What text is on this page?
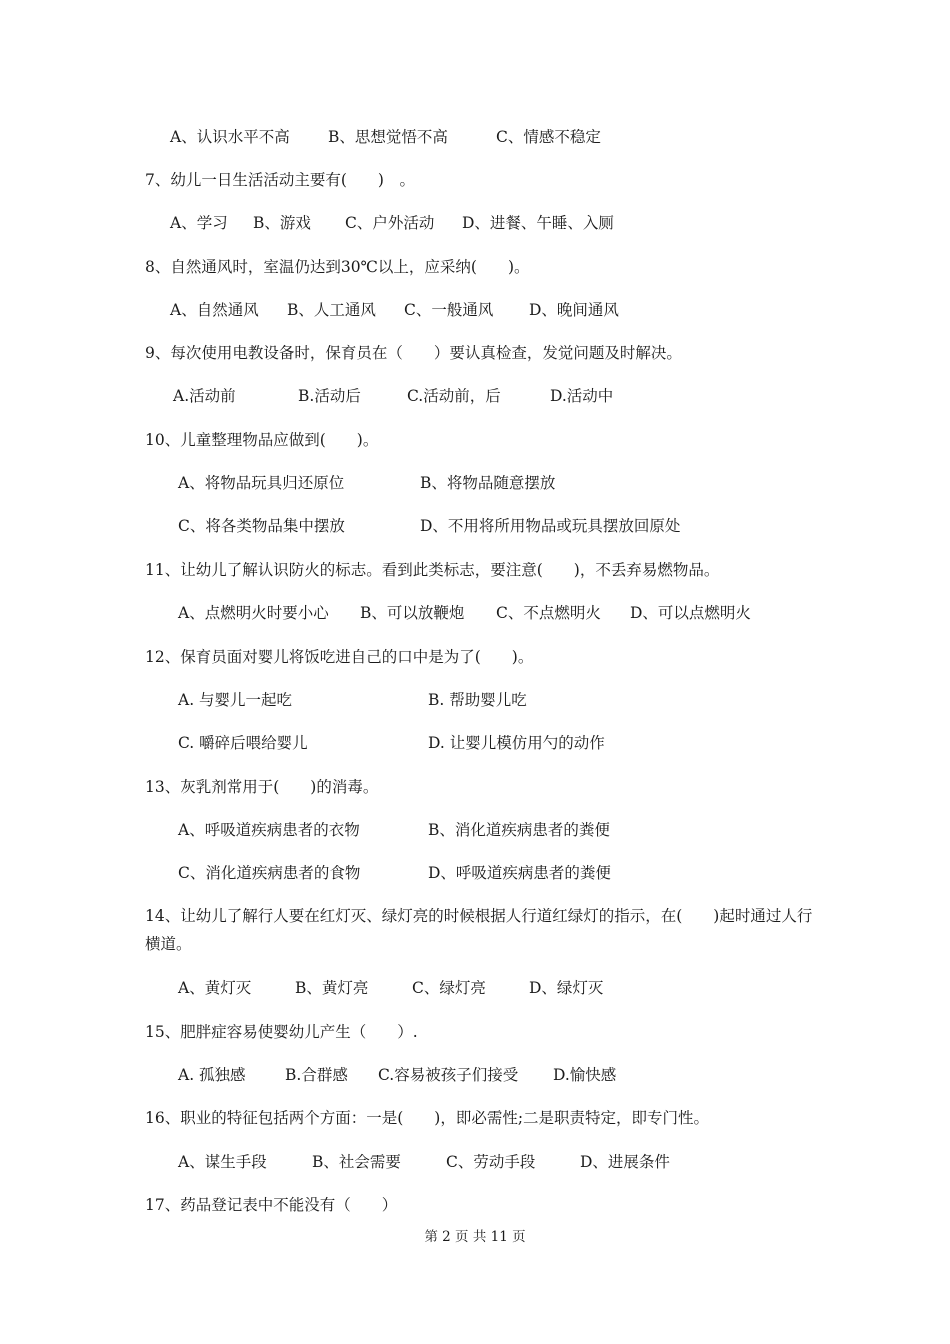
A、认识水平不高 B、思想觉悟不高	C、情感不稳定
7、幼儿一日生活活动主要有(　　)　。
A、学习 B、游戏 C、户外活动 D、进餐、午睡、入厕
8、自然通风时，室温仍达到30℃以上，应采纳(　　)。
A、自然通风 B、人工通风 C、一般通风 D、晚间通风
9、每次使用电教设备时，保育员在（　　）要认真检查，发觉问题及时解决。
A.活动前	B.活动后	C.活动前，后	D.活动中
10、儿童整理物品应做到(　　)。
A、将物品玩具归还原位	B、将物品随意摆放
C、将各类物品集中摆放	D、不用将所用物品或玩具摆放回原处
11、让幼儿了解认识防火的标志。看到此类标志，要注意(　　)，不丢弃易燃物品。
A、点燃明火时要小心 B、可以放鞭炮 C、不点燃明火 D、可以点燃明火
12、保育员面对婴儿将饭吃进自己的口中是为了(　　)。
A. 与婴儿一起吃	B. 帮助婴儿吃
C. 嚼碎后喂给婴儿	D. 让婴儿模仿用勺的动作
13、灰乳剂常用于(　　)的消毒。
A、呼吸道疾病患者的衣物	B、消化道疾病患者的粪便
C、消化道疾病患者的食物	D、呼吸道疾病患者的粪便
14、让幼儿了解行人要在红灯灭、绿灯亮的时候根据人行道红绿灯的指示，在(　　)起时通过人行横道。
A、黄灯灭	B、黄灯亮	C、绿灯亮	D、绿灯灭
15、肥胖症容易使婴幼儿产生（　　）.
A. 孤独感	B.合群感 C.容易被孩子们接受 D.愉快感
16、职业的特征包括两个方面：一是(　　)，即必需性;二是职责特定，即专门性。
A、谋生手段	B、社会需要	C、劳动手段	D、进展条件
17、药品登记表中不能没有（　　）
第 2 页 共 11 页
